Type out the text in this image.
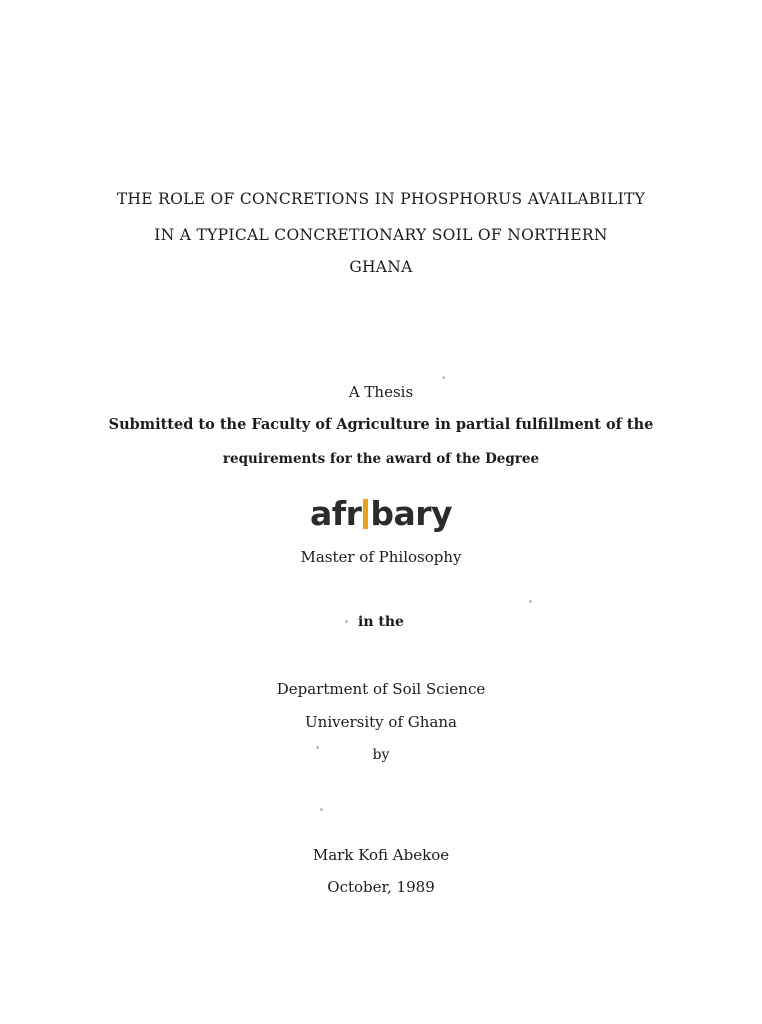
THE ROLE OF CONCRETIONS IN PHOSPHORUS AVAILABILITY
IN A TYPICAL CONCRETIONARY SOIL OF NORTHERN
GHANA
A Thesis
Submitted to the Faculty of Agriculture in partial fulfillment of the
requirements for the award of the Degree
afr bary
Master of Philosophy
in the
Department of Soil Science
University of Ghana
by
Mark Kofi Abekoe
October, 1989
